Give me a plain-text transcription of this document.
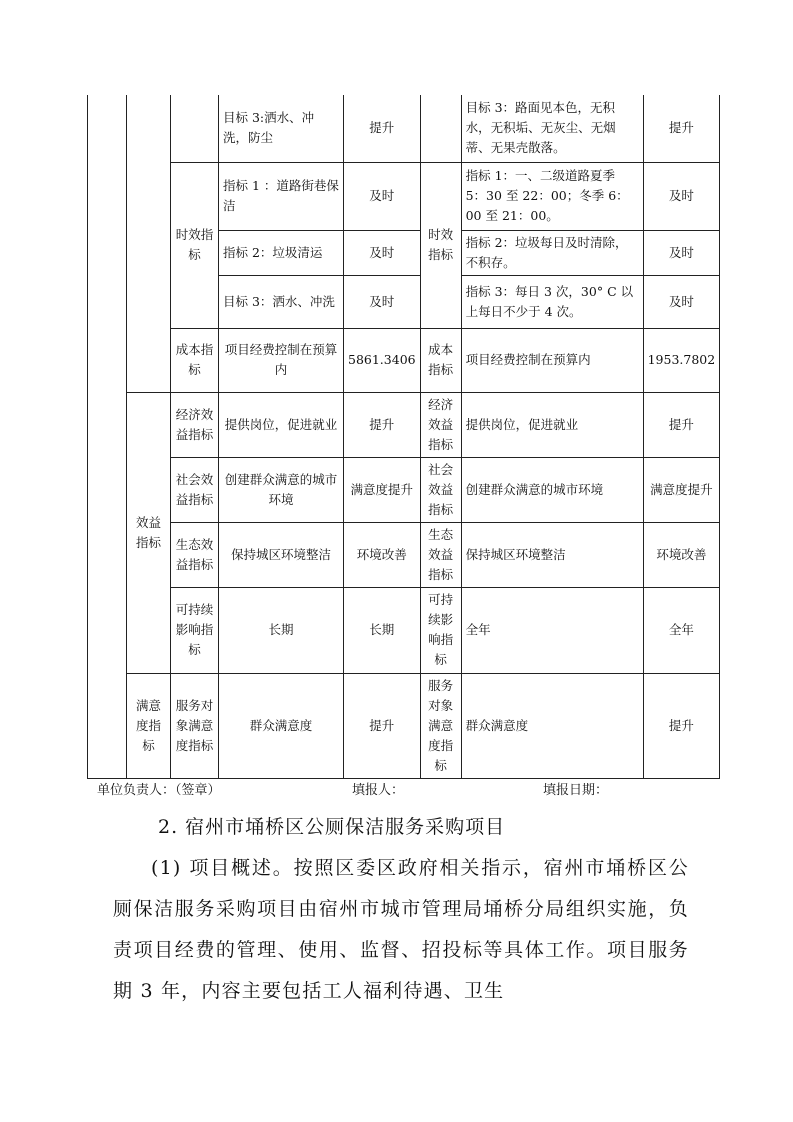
			目标 3:洒水、冲洗，防尘	提升		目标 3：路面见本色，无积水，无积垢、无灰尘、无烟蒂、无果壳散落。	提升
		时效指标	指标 1 ：道路街巷保洁	及时	时效指标	指标 1：一、二级道路夏季 5：30 至 22：00；冬季 6：00 至 21：00。	及时
			指标 2：垃圾清运	及时		指标 2：垃圾每日及时清除，不积存。	及时
			目标 3：洒水、冲洗	及时		指标 3：每日 3 次，30° C 以上每日不少于 4 次。	及时
		成本指标	项目经费控制在预算内	5861.3406	成本指标	项目经费控制在预算内	1953.7802
	效益指标	经济效益指标	提供岗位，促进就业	提升	经济效益指标	提供岗位，促进就业	提升
		社会效益指标	创建群众满意的城市环境	满意度提升	社会效益指标	创建群众满意的城市环境	满意度提升
		生态效益指标	保持城区环境整洁	环境改善	生态效益指标	保持城区环境整洁	环境改善
		可持续影响指标	长期	长期	可持续影响指标	全年	全年
	满意度指标	服务对象满意度指标	群众满意度	提升	服务对象满意度指标	群众满意度	提升
单位负责人：（签章）	填报人：	填报日期：
2. 宿州市埇桥区公厕保洁服务采购项目
(1) 项目概述。按照区委区政府相关指示，宿州市埇桥区公厕保洁服务采购项目由宿州市城市管理局埇桥分局组织实施，负责项目经费的管理、使用、监督、招投标等具体工作。项目服务期 3 年，内容主要包括工人福利待遇、卫生
